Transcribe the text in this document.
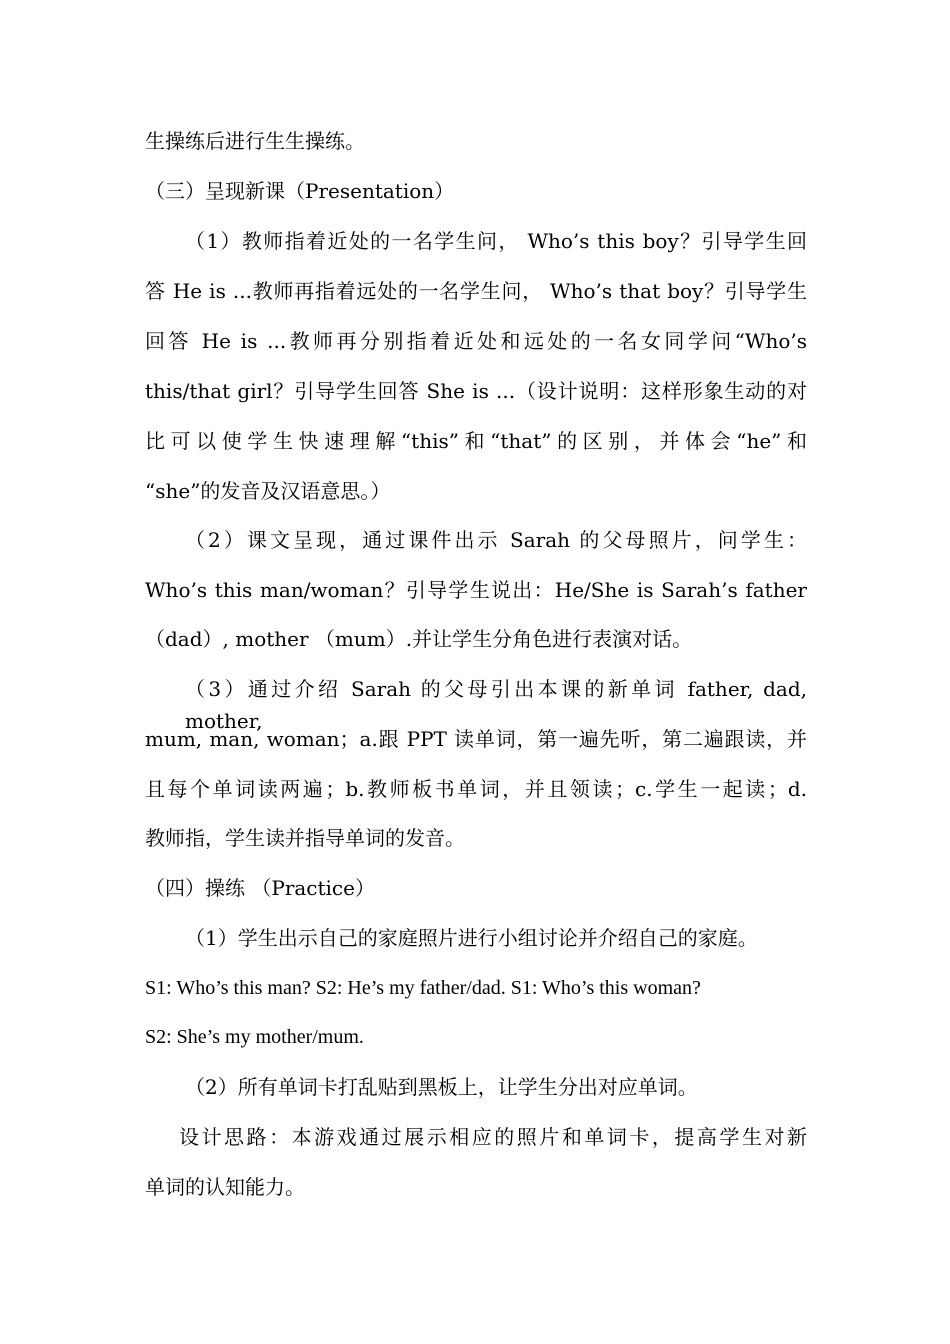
生操练后进行生生操练。
（三）呈现新课（Presentation）
（1）教师指着近处的一名学生问， Who’s this boy？引导学生回
答 He is ...教师再指着远处的一名学生问， Who’s that boy？引导学生
回答 He is ...教师再分别指着近处和远处的一名女同学问“Who’s
this/that girl？引导学生回答 She is ...（设计说明：这样形象生动的对
比可以使学生快速理解“this”和“that”的区别，并体会“he”和
“she”的发音及汉语意思。）
（2）课文呈现，通过课件出示 Sarah 的父母照片，问学生：
Who’s this man/woman？引导学生说出：He/She is Sarah’s father
（dad）, mother （mum）.并让学生分角色进行表演对话。
（3）通过介绍 Sarah 的父母引出本课的新单词 father, dad, mother,
mum, man, woman；a.跟 PPT 读单词，第一遍先听，第二遍跟读，并
且每个单词读两遍；b.教师板书单词，并且领读；c.学生一起读；d.
教师指，学生读并指导单词的发音。
（四）操练 （Practice）
（1）学生出示自己的家庭照片进行小组讨论并介绍自己的家庭。
S1: Who’s this man? S2: He’s my father/dad. S1: Who’s this woman?
S2: She’s my mother/mum.
（2）所有单词卡打乱贴到黑板上，让学生分出对应单词。
设计思路：本游戏通过展示相应的照片和单词卡，提高学生对新
单词的认知能力。
